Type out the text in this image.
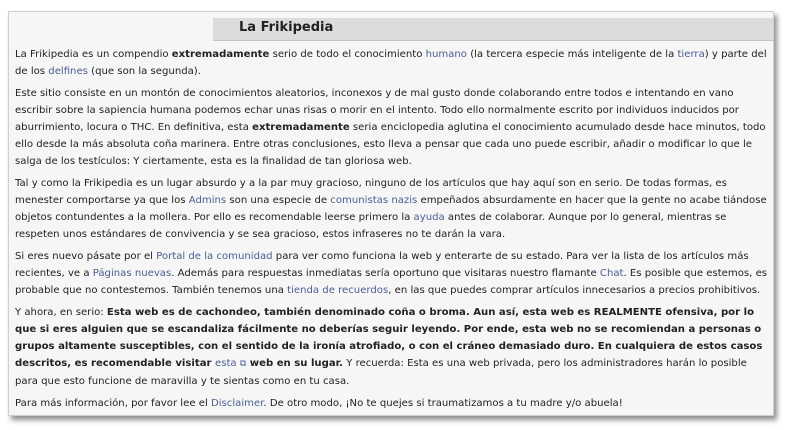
La Frikipedia

La Frikipedia es un compendio extremadamente serio de todo el conocimiento humano (la tercera especie más inteligente de la tierra) y parte del de los delfines (que son la segunda).

Este sitio consiste en un montón de conocimientos aleatorios, inconexos y de mal gusto donde colaborando entre todos e intentando en vano escribir sobre la sapiencia humana podemos echar unas risas o morir en el intento. Todo ello normalmente escrito por individuos inducidos por aburrimiento, locura o THC. En definitiva, esta extremadamente seria enciclopedia aglutina el conocimiento acumulado desde hace minutos, todo ello desde la más absoluta coña marinera. Entre otras conclusiones, esto lleva a pensar que cada uno puede escribir, añadir o modificar lo que le salga de los testículos: Y ciertamente, esta es la finalidad de tan gloriosa web.

Tal y como la Frikipedia es un lugar absurdo y a la par muy gracioso, ninguno de los artículos que hay aquí son en serio. De todas formas, es menester comportarse ya que los Admins son una especie de comunistas nazis empeñados absurdamente en hacer que la gente no acabe tiándose objetos contundentes a la mollera. Por ello es recomendable leerse primero la ayuda antes de colaborar. Aunque por lo general, mientras se respeten unos estándares de convivencia y se sea gracioso, estos infraseres no te darán la vara.

Si eres nuevo pásate por el Portal de la comunidad para ver como funciona la web y enterarte de su estado. Para ver la lista de los artículos más recientes, ve a Páginas nuevas. Además para respuestas inmediatas sería oportuno que visitaras nuestro flamante Chat. Es posible que estemos, es probable que no contestemos. También tenemos una tienda de recuerdos, en las que puedes comprar artículos innecesarios a precios prohibitivos.

Y ahora, en serio: Esta web es de cachondeo, también denominado coña o broma. Aun así, esta web es REALMENTE ofensiva, por lo que si eres alguien que se escandaliza fácilmente no deberías seguir leyendo. Por ende, esta web no se recomiendan a personas o grupos altamente susceptibles, con el sentido de la ironía atrofiado, o con el cráneo demasiado duro. En cualquiera de estos casos descritos, es recomendable visitar esta ⧉ web en su lugar. Y recuerda: Esta es una web privada, pero los administradores harán lo posible para que esto funcione de maravilla y te sientas como en tu casa.

Para más información, por favor lee el Disclaimer. De otro modo, ¡No te quejes si traumatizamos a tu madre y/o abuela!
